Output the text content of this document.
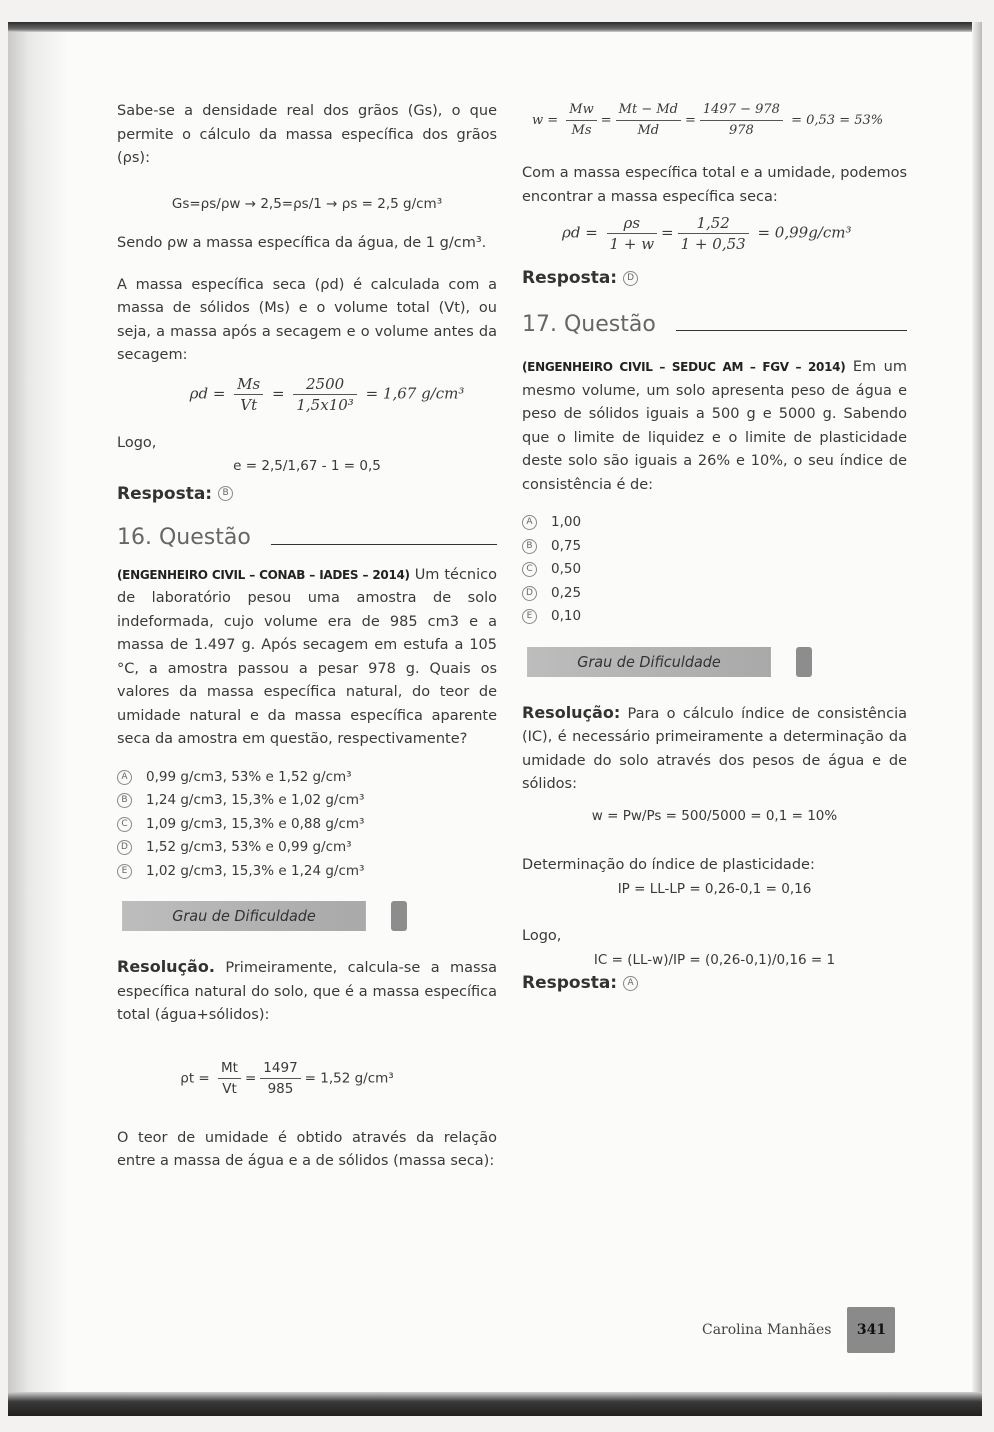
Sabe-se a densidade real dos grãos (Gs), o que permite o cálculo da massa específica dos grãos (ρs):

Gs=ρs/ρw → 2,5=ρs/1 → ρs = 2,5 g/cm³

Sendo ρw a massa específica da água, de 1 g/cm³.

A massa específica seca (ρd) é calculada com a massa de sólidos (Ms) e o volume total (Vt), ou seja, a massa após a secagem e o volume antes da secagem:

$\rho d = \frac{Ms}{Vt} = \frac{2500}{\text{1,5x10³}} = 1,67$ g/cm³

Logo,

e = 2,5/1,67 - 1 = 0,5

Resposta: B

16. Questão

(ENGENHEIRO CIVIL – CONAB – IADES – 2014) Um técnico de laboratório pesou uma amostra de solo indeformada, cujo volume era de 985 cm3 e a massa de 1.497 g. Após secagem em estufa a 105 °C, a amostra passou a pesar 978 g. Quais os valores da massa específica natural, do teor de umidade natural e da massa específica aparente seca da amostra em questão, respectivamente?

A	0,99 g/cm3, 53% e 1,52 g/cm³

B	1,24 g/cm3, 15,3% e 1,02 g/cm³

C	1,09 g/cm3, 15,3% e 0,88 g/cm³

D 1,52 g/cm3, 53% e 0,99 g/cm³

E	1,02 g/cm3, 15,3% e 1,24 g/cm³

Grau de Dificuldade

Resolução. Primeiramente, calcula-se a massa específica natural do solo, que é a massa específica total (água+sólidos):

$\rho t = \frac{Mt}{Vt} = \frac{1497}{985} = 1,52$ g/cm³

O teor de umidade é obtido através da relação entre a massa de água e a de sólidos (massa seca):

$w = \frac{Mw}{Ms} = \frac{Mt - Md}{Md} = \frac{1497 - 978}{978} = 0,53 = 53\%$

Com a massa específica total e a umidade, podemos encontrar a massa específica seca:

$\rho d = \frac{\rho s}{1 + w} = \frac{1,52}{1 + 0,53} = 0,99g/cm^3$

Resposta: D

17. Questão

(ENGENHEIRO CIVIL – SEDUC AM – FGV – 2014) Em um mesmo volume, um solo apresenta peso de água e peso de sólidos iguais a 500 g e 5000 g. Sabendo que o limite de liquidez e o limite de plasticidade deste solo são iguais a 26% e 10%, o seu índice de consistência é de:

A	1,00

B	0,75

C	0,50

D 0,25

E	0,10

Grau de Dificuldade

Resolução: Para o cálculo índice de consistência (IC), é necessário primeiramente a determinação da umidade do solo através dos pesos de água e de sólidos:

w = Pw/Ps = 500/5000 = 0,1 = 10%

Determinação do índice de plasticidade:

IP = LL-LP = 0,26-0,1 = 0,16

Logo,

IC = (LL-w)/IP = (0,26-0,1)/0,16 = 1

Resposta: A

Carolina Manhães	341
